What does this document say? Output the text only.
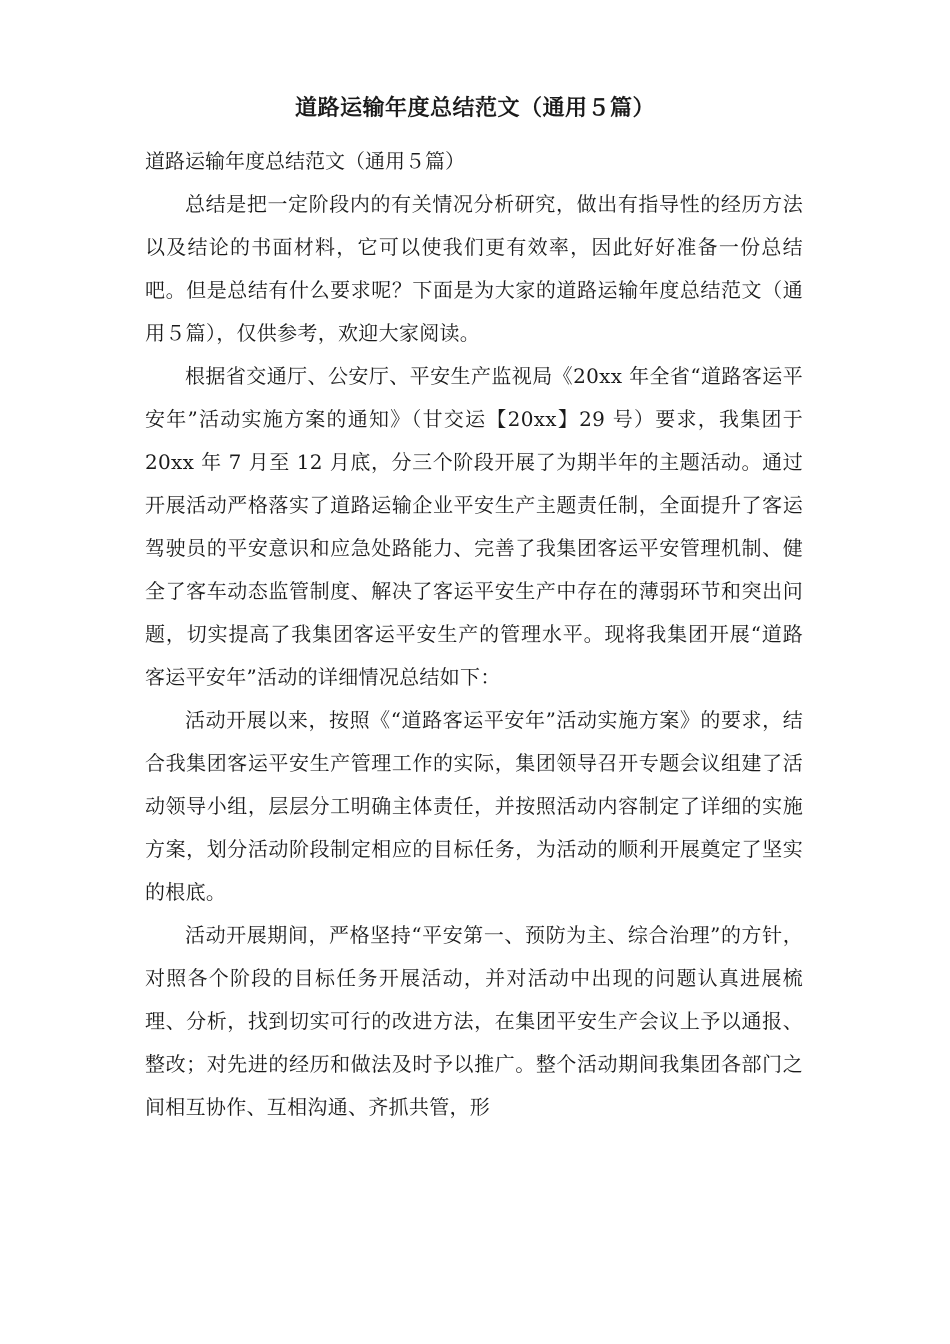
道路运输年度总结范文（通用５篇）

道路运输年度总结范文（通用５篇）

总结是把一定阶段内的有关情况分析研究，做出有指导性的经历方法以及结论的书面材料，它可以使我们更有效率，因此好好准备一份总结吧。但是总结有什么要求呢？下面是为大家的道路运输年度总结范文（通用５篇），仅供参考，欢迎大家阅读。

根据省交通厅、公安厅、平安生产监视局《20xx 年全省“道路客运平安年”活动实施方案的通知》（甘交运【20xx】29 号）要求，我集团于 20xx 年 7 月至 12 月底，分三个阶段开展了为期半年的主题活动。通过开展活动严格落实了道路运输企业平安生产主题责任制，全面提升了客运驾驶员的平安意识和应急处路能力、完善了我集团客运平安管理机制、健全了客车动态监管制度、解决了客运平安生产中存在的薄弱环节和突出问题，切实提高了我集团客运平安生产的管理水平。现将我集团开展“道路客运平安年”活动的详细情况总结如下：

活动开展以来，按照《“道路客运平安年”活动实施方案》的要求，结合我集团客运平安生产管理工作的实际，集团领导召开专题会议组建了活动领导小组，层层分工明确主体责任，并按照活动内容制定了详细的实施方案，划分活动阶段制定相应的目标任务，为活动的顺利开展奠定了坚实的根底。

活动开展期间，严格坚持“平安第一、预防为主、综合治理”的方针，对照各个阶段的目标任务开展活动，并对活动中出现的问题认真进展梳理、分析，找到切实可行的改进方法，在集团平安生产会议上予以通报、整改；对先进的经历和做法及时予以推广。整个活动期间我集团各部门之间相互协作、互相沟通、齐抓共管，形
